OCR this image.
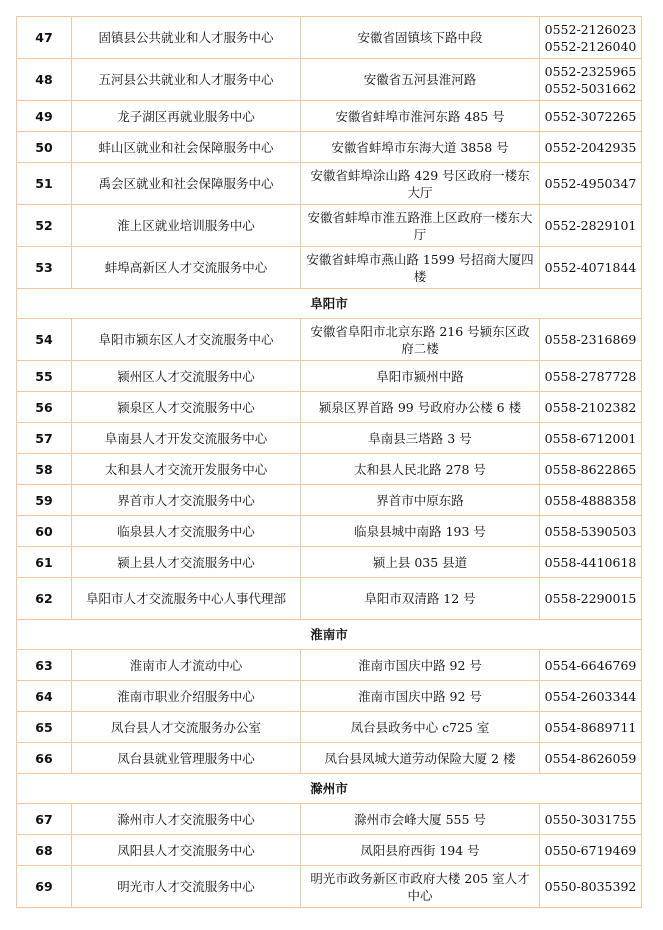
47	固镇县公共就业和人才服务中心	安徽省固镇垓下路中段	0552-2126023 0552-2126040
48	五河县公共就业和人才服务中心	安徽省五河县淮河路	0552-2325965 0552-5031662
49	龙子湖区再就业服务中心	安徽省蚌埠市淮河东路 485 号	0552-3072265
50	蚌山区就业和社会保障服务中心	安徽省蚌埠市东海大道 3858 号	0552-2042935
51	禹会区就业和社会保障服务中心	安徽省蚌埠涂山路 429 号区政府一楼东大厅	0552-4950347
52	淮上区就业培训服务中心	安徽省蚌埠市淮五路淮上区政府一楼东大厅	0552-2829101
53	蚌埠高新区人才交流服务中心	安徽省蚌埠市燕山路 1599 号招商大厦四楼	0552-4071844
阜阳市			
54	阜阳市颍东区人才交流服务中心	安徽省阜阳市北京东路 216 号颍东区政府二楼	0558-2316869
55	颍州区人才交流服务中心	阜阳市颍州中路	0558-2787728
56	颍泉区人才交流服务中心	颍泉区界首路 99 号政府办公楼 6 楼	0558-2102382
57	阜南县人才开发交流服务中心	阜南县三塔路 3 号	0558-6712001
58	太和县人才交流开发服务中心	太和县人民北路 278 号	0558-8622865
59	界首市人才交流服务中心	界首市中原东路	0558-4888358
60	临泉县人才交流服务中心	临泉县城中南路 193 号	0558-5390503
61	颍上县人才交流服务中心	颍上县 035 县道	0558-4410618
62	阜阳市人才交流服务中心人事代理部	阜阳市双清路 12 号	0558-2290015
淮南市			
63	淮南市人才流动中心	淮南市国庆中路 92 号	0554-6646769
64	淮南市职业介绍服务中心	淮南市国庆中路 92 号	0554-2603344
65	凤台县人才交流服务办公室	凤台县政务中心 c725 室	0554-8689711
66	凤台县就业管理服务中心	凤台县凤城大道劳动保险大厦 2 楼	0554-8626059
滁州市			
67	滁州市人才交流服务中心	滁州市会峰大厦 555 号	0550-3031755
68	凤阳县人才交流服务中心	凤阳县府西街 194 号	0550-6719469
69	明光市人才交流服务中心	明光市政务新区市政府大楼 205 室人才中心	0550-8035392
